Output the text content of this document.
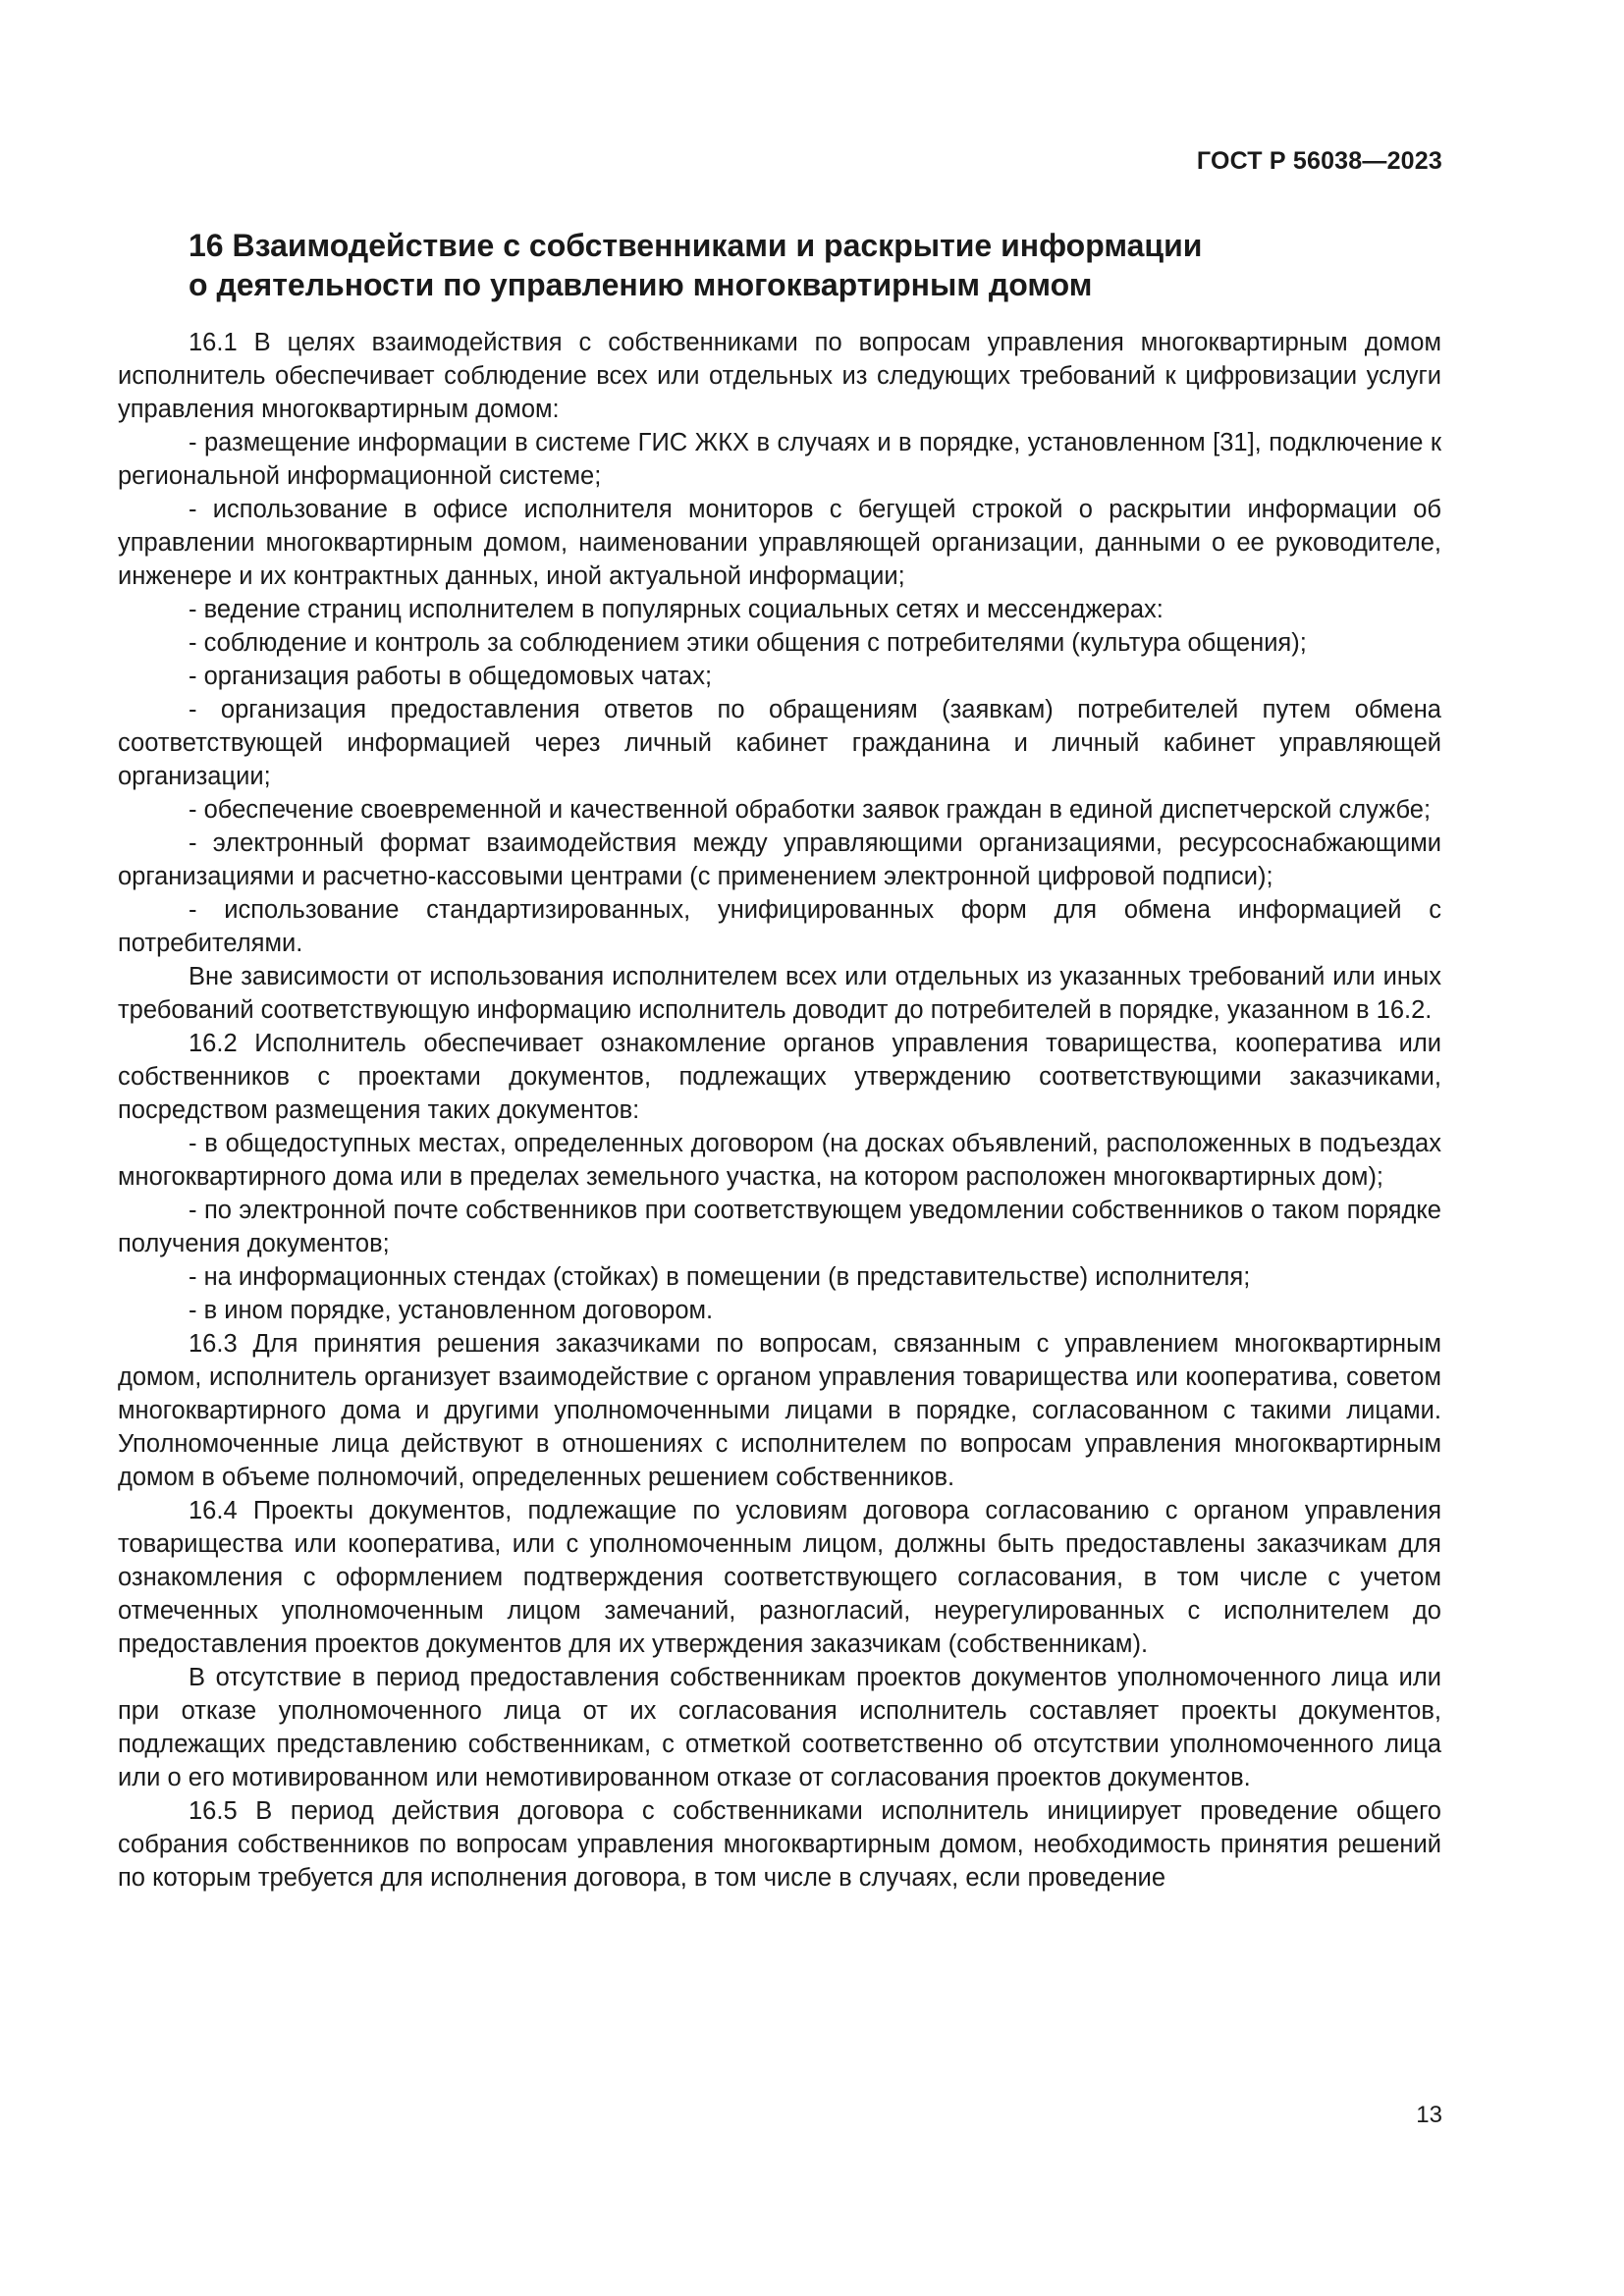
ГОСТ Р 56038—2023
16 Взаимодействие с собственниками и раскрытие информации
о деятельности по управлению многоквартирным домом

16.1 В целях взаимодействия с собственниками по вопросам управления многоквартирным домом исполнитель обеспечивает соблюдение всех или отдельных из следующих требований к цифровизации услуги управления многоквартирным домом:

- размещение информации в системе ГИС ЖКХ в случаях и в порядке, установленном [31], подключение к региональной информационной системе;

- использование в офисе исполнителя мониторов с бегущей строкой о раскрытии информации об управлении многоквартирным домом, наименовании управляющей организации, данными о ее руководителе, инженере и их контрактных данных, иной актуальной информации;

- ведение страниц исполнителем в популярных социальных сетях и мессенджерах:

- соблюдение и контроль за соблюдением этики общения с потребителями (культура общения);

- организация работы в общедомовых чатах;

- организация предоставления ответов по обращениям (заявкам) потребителей путем обмена соответствующей информацией через личный кабинет гражданина и личный кабинет управляющей организации;

- обеспечение своевременной и качественной обработки заявок граждан в единой диспетчерской службе;

- электронный формат взаимодействия между управляющими организациями, ресурсоснабжающими организациями и расчетно-кассовыми центрами (с применением электронной цифровой подписи);

- использование стандартизированных, унифицированных форм для обмена информацией с потребителями.

Вне зависимости от использования исполнителем всех или отдельных из указанных требований или иных требований соответствующую информацию исполнитель доводит до потребителей в порядке, указанном в 16.2.

16.2 Исполнитель обеспечивает ознакомление органов управления товарищества, кооператива или собственников с проектами документов, подлежащих утверждению соответствующими заказчиками, посредством размещения таких документов:

- в общедоступных местах, определенных договором (на досках объявлений, расположенных в подъездах многоквартирного дома или в пределах земельного участка, на котором расположен многоквартирных дом);

- по электронной почте собственников при соответствующем уведомлении собственников о таком порядке получения документов;

- на информационных стендах (стойках) в помещении (в представительстве) исполнителя;

- в ином порядке, установленном договором.

16.3 Для принятия решения заказчиками по вопросам, связанным с управлением многоквартирным домом, исполнитель организует взаимодействие с органом управления товарищества или кооператива, советом многоквартирного дома и другими уполномоченными лицами в порядке, согласованном с такими лицами. Уполномоченные лица действуют в отношениях с исполнителем по вопросам управления многоквартирным домом в объеме полномочий, определенных решением собственников.

16.4 Проекты документов, подлежащие по условиям договора согласованию с органом управления товарищества или кооператива, или с уполномоченным лицом, должны быть предоставлены заказчикам для ознакомления с оформлением подтверждения соответствующего согласования, в том числе с учетом отмеченных уполномоченным лицом замечаний, разногласий, неурегулированных с исполнителем до предоставления проектов документов для их утверждения заказчикам (собственникам).

В отсутствие в период предоставления собственникам проектов документов уполномоченного лица или при отказе уполномоченного лица от их согласования исполнитель составляет проекты документов, подлежащих представлению собственникам, с отметкой соответственно об отсутствии уполномоченного лица или о его мотивированном или немотивированном отказе от согласования проектов документов.

16.5 В период действия договора с собственниками исполнитель инициирует проведение общего собрания собственников по вопросам управления многоквартирным домом, необходимость принятия решений по которым требуется для исполнения договора, в том числе в случаях, если проведение

13
